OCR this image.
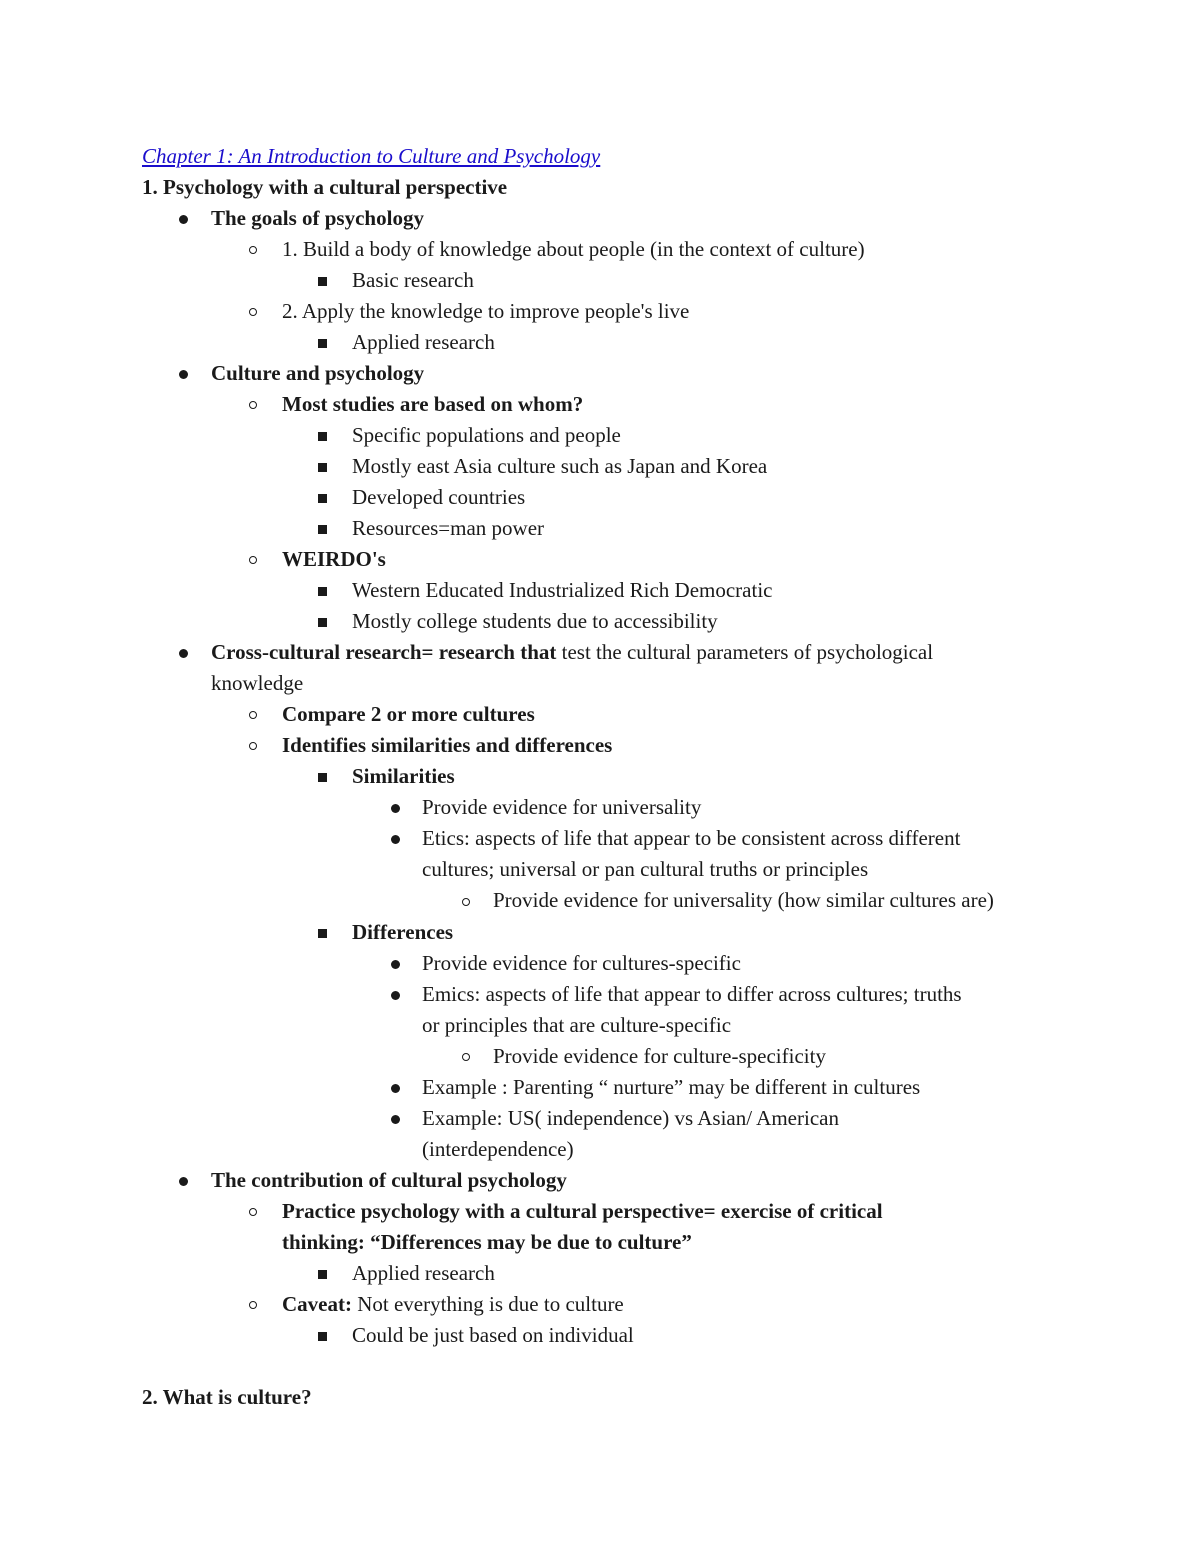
Chapter 1: An Introduction to Culture and Psychology
1. Psychology with a cultural perspective
The goals of psychology
1. Build a body of knowledge about people (in the context of culture)
Basic research
2. Apply the knowledge to improve people's live
Applied research
Culture and psychology
Most studies are based on whom?
Specific populations and people
Mostly east Asia culture such as Japan and Korea
Developed countries
Resources=man power
WEIRDO's
Western Educated Industrialized Rich Democratic
Mostly college students due to accessibility
Cross-cultural research= research that test the cultural parameters of psychological
knowledge
Compare 2 or more cultures
Identifies similarities and differences
Similarities
Provide evidence for universality
Etics: aspects of life that appear to be consistent across different
cultures; universal or pan cultural truths or principles
Provide evidence for universality (how similar cultures are)
Differences
Provide evidence for cultures-specific
Emics: aspects of life that appear to differ across cultures; truths
or principles that are culture-specific
Provide evidence for culture-specificity
Example : Parenting “ nurture” may be different in cultures
Example: US( independence) vs Asian/ American
(interdependence)
The contribution of cultural psychology
Practice psychology with a cultural perspective= exercise of critical
thinking: “Differences may be due to culture”
Applied research
Caveat: Not everything is due to culture
Could be just based on individual
2. What is culture?
